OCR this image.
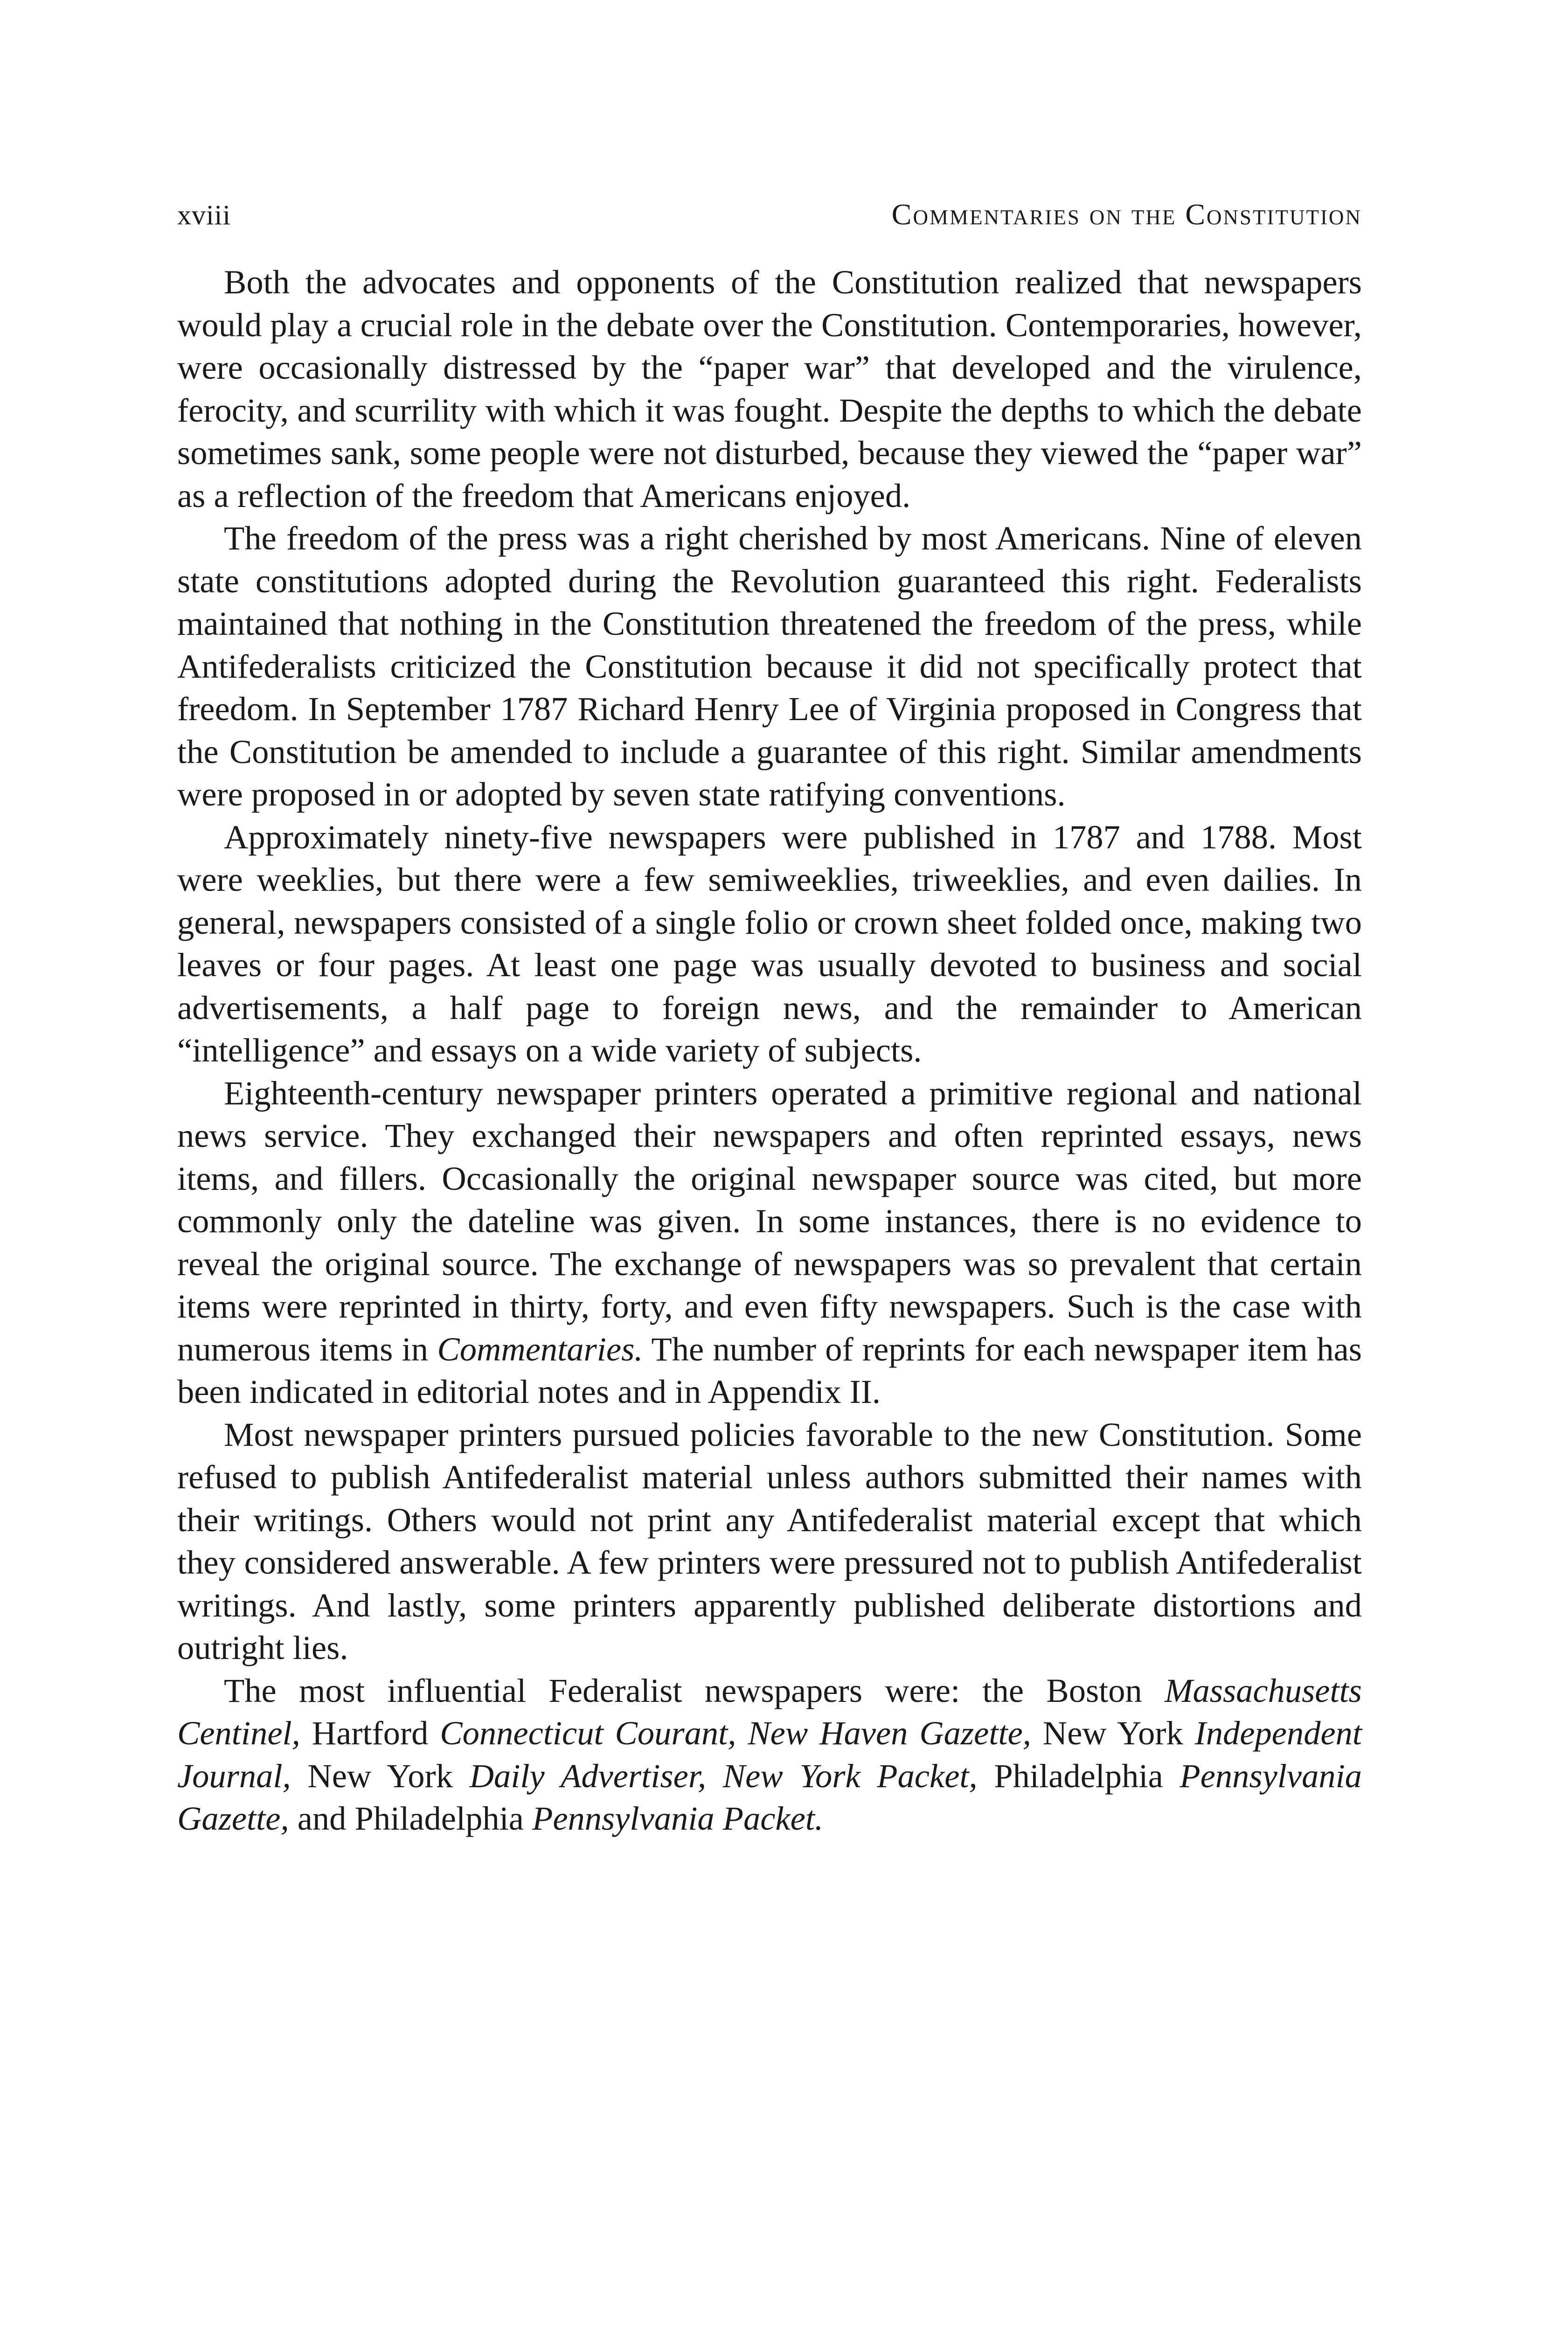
xviii	Commentaries on the Constitution

Both the advocates and opponents of the Constitution realized that newspapers would play a crucial role in the debate over the Constitution. Contemporaries, however, were occasionally distressed by the “paper war” that developed and the virulence, ferocity, and scurrility with which it was fought. Despite the depths to which the debate sometimes sank, some people were not disturbed, because they viewed the “paper war” as a reflection of the freedom that Americans enjoyed.

The freedom of the press was a right cherished by most Americans. Nine of eleven state constitutions adopted during the Revolution guaranteed this right. Federalists maintained that nothing in the Constitution threatened the freedom of the press, while Antifederalists criticized the Constitution because it did not specifically protect that freedom. In September 1787 Richard Henry Lee of Virginia proposed in Congress that the Constitution be amended to include a guarantee of this right. Similar amendments were proposed in or adopted by seven state ratifying conventions.

Approximately ninety-five newspapers were published in 1787 and 1788. Most were weeklies, but there were a few semiweeklies, triweeklies, and even dailies. In general, newspapers consisted of a single folio or crown sheet folded once, making two leaves or four pages. At least one page was usually devoted to business and social advertisements, a half page to foreign news, and the remainder to American “intelligence” and essays on a wide variety of subjects.

Eighteenth-century newspaper printers operated a primitive regional and national news service. They exchanged their newspapers and often reprinted essays, news items, and fillers. Occasionally the original newspaper source was cited, but more commonly only the dateline was given. In some instances, there is no evidence to reveal the original source. The exchange of newspapers was so prevalent that certain items were reprinted in thirty, forty, and even fifty newspapers. Such is the case with numerous items in Commentaries. The number of reprints for each newspaper item has been indicated in editorial notes and in Appendix II.

Most newspaper printers pursued policies favorable to the new Constitution. Some refused to publish Antifederalist material unless authors submitted their names with their writings. Others would not print any Antifederalist material except that which they considered answerable. A few printers were pressured not to publish Antifederalist writings. And lastly, some printers apparently published deliberate distortions and outright lies.

The most influential Federalist newspapers were: the Boston Massachusetts Centinel, Hartford Connecticut Courant, New Haven Gazette, New York Independent Journal, New York Daily Advertiser, New York Packet, Philadelphia Pennsylvania Gazette, and Philadelphia Pennsylvania Packet.
